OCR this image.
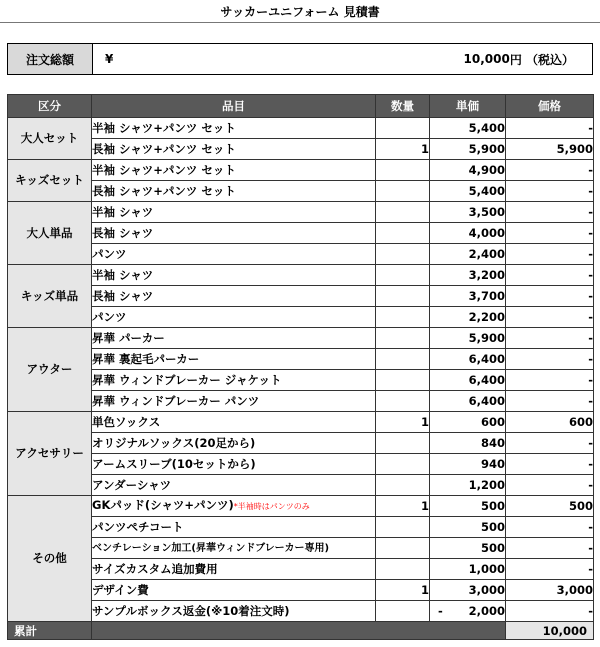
サッカーユニフォーム 見積書
注文総額	¥	10,000 円 （税込）
区分	品目	数量	単価	価格
大人セット	半袖 シャツ+パンツ セット		5,400	-
	長袖 シャツ+パンツ セット	1	5,900	5,900
キッズセット	半袖 シャツ+パンツ セット		4,900	-
	長袖 シャツ+パンツ セット		5,400	-
大人単品	半袖 シャツ		3,500	-
	長袖 シャツ		4,000	-
	パンツ		2,400	-
キッズ単品	半袖 シャツ		3,200	-
	長袖 シャツ		3,700	-
	パンツ		2,200	-
アウター	昇華 パーカー		5,900	-
	昇華 裏起毛パーカー		6,400	-
	昇華 ウィンドブレーカー ジャケット		6,400	-
	昇華 ウィンドブレーカー パンツ		6,400	-
アクセサリー	単色ソックス	1	600	600
	オリジナルソックス(20足から)		840	-
	アームスリーブ(10セットから)		940	-
	アンダーシャツ		1,200	-
その他	GKパッド(シャツ+パンツ)*半袖時はパンツのみ	1	500	500
	パンツペチコート		500	-
	ベンチレーション加工(昇華ウィンドブレーカー専用)		500	-
	サイズカスタム追加費用		1,000	-
	デザイン費	1	3,000	3,000
	サンプルボックス返金(※10着注文時)		- 2,000	-
累計				10,000
